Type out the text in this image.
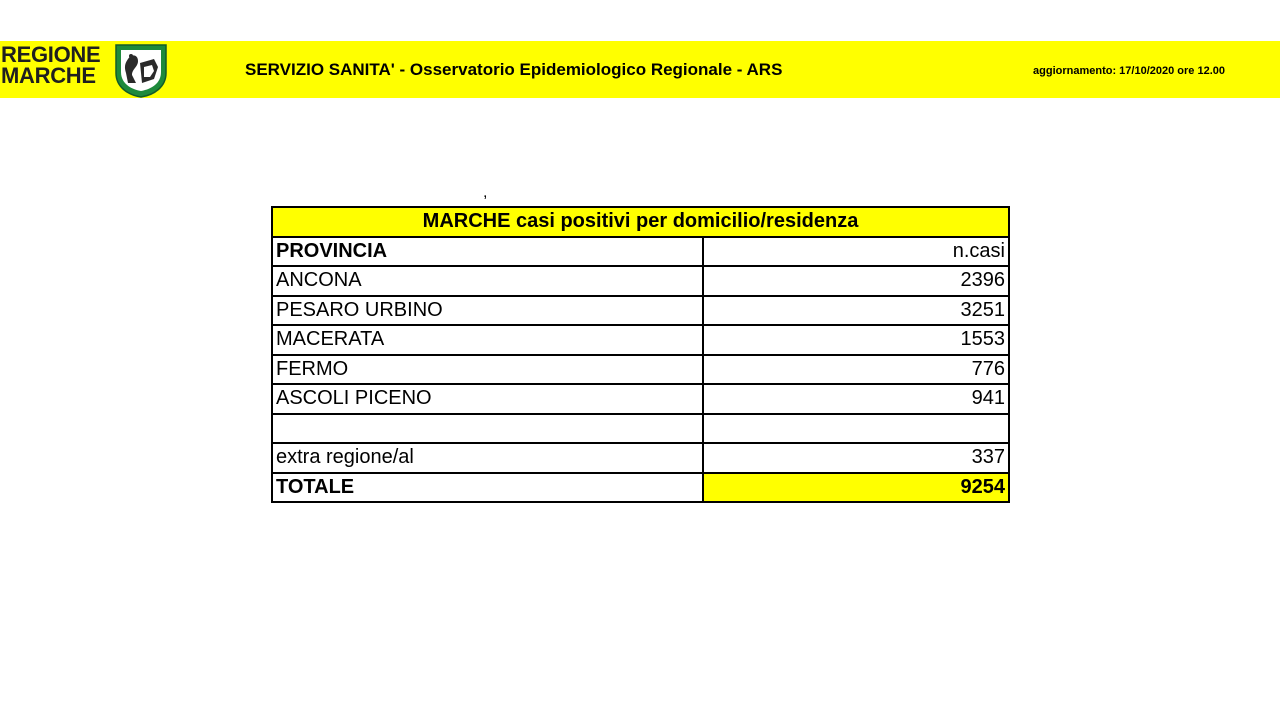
REGIONE
MARCHE	SERVIZIO SANITA' - Osservatorio Epidemiologico Regionale - ARS	aggiornamento: 17/10/2020 ore 12.00
,
MARCHE casi positivi per domicilio/residenza	
PROVINCIA	n.casi
ANCONA	2396
PESARO URBINO	3251
MACERATA	1553
FERMO	776
ASCOLI PICENO	941

extra regione/al	337
TOTALE	9254
